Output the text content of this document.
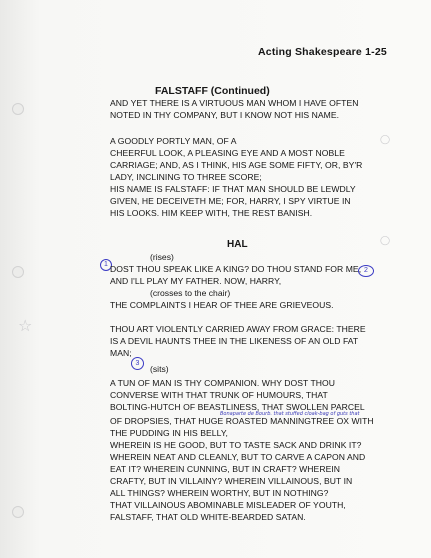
☆
◯
◯
Acting Shakespeare 1-25
FALSTAFF (Continued)
AND YET THERE IS A VIRTUOUS MAN WHOM I HAVE OFTEN
NOTED IN THY COMPANY, BUT I KNOW NOT HIS NAME.
A GOODLY PORTLY MAN, OF A
CHEERFUL LOOK, A PLEASING EYE AND A MOST NOBLE
CARRIAGE; AND, AS I THINK, HIS AGE SOME FIFTY, OR, BY'R
LADY, INCLINING TO THREE SCORE;
HIS NAME IS FALSTAFF: IF THAT MAN SHOULD BE LEWDLY
GIVEN, HE DECEIVETH ME; FOR, HARRY, I SPY VIRTUE IN
HIS LOOKS. HIM KEEP WITH, THE REST BANISH.
HAL
(rises)
1 DOST THOU SPEAK LIKE A KING? DO THOU STAND FOR ME, 2
AND I'LL PLAY MY FATHER. NOW, HARRY,
(crosses to the chair)
THE COMPLAINTS I HEAR OF THEE ARE GRIEVEOUS.
THOU ART VIOLENTLY CARRIED AWAY FROM GRACE: THERE
IS A DEVIL HAUNTS THEE IN THE LIKENESS OF AN OLD FAT
MAN;
3
(sits)
A TUN OF MAN IS THY COMPANION. WHY DOST THOU
CONVERSE WITH THAT TRUNK OF HUMOURS, THAT
BOLTING-HUTCH OF BEASTLINESS, THAT SWOLLEN PARCEL
Bonaparte de Bourb. that stuffed cloak-bag of guts that
OF DROPSIES, THAT HUGE ROASTED MANNINGTREE OX WITH
THE PUDDING IN HIS BELLY,
WHEREIN IS HE GOOD, BUT TO TASTE SACK AND DRINK IT?
WHEREIN NEAT AND CLEANLY, BUT TO CARVE A CAPON AND
EAT IT? WHEREIN CUNNING, BUT IN CRAFT? WHEREIN
CRAFTY, BUT IN VILLAINY? WHEREIN VILLAINOUS, BUT IN
ALL THINGS? WHEREIN WORTHY, BUT IN NOTHING?
THAT VILLAINOUS ABOMINABLE MISLEADER OF YOUTH,
FALSTAFF, THAT OLD WHITE-BEARDED SATAN.
